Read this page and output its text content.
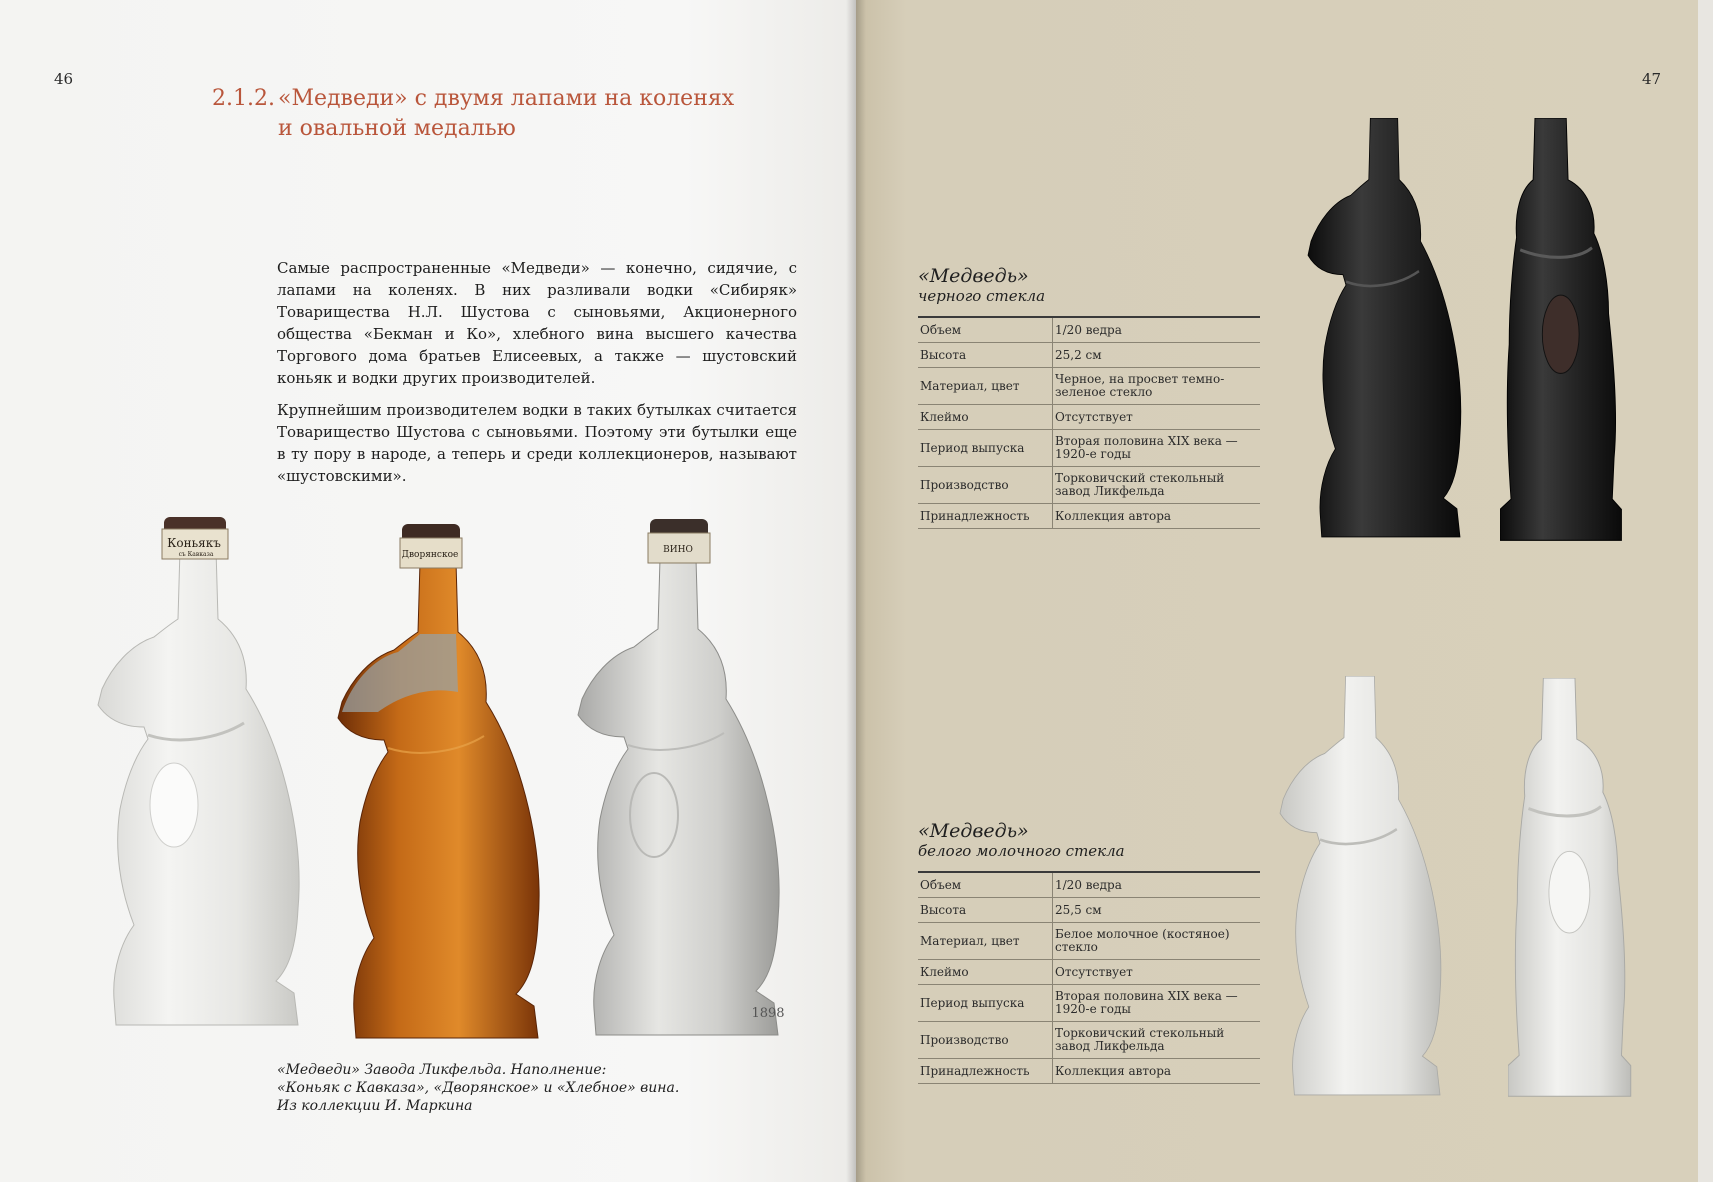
46
2.1.2. «Медведи» с двумя лапами на коленях
и овальной медалью

Самые распространенные «Медведи» — конечно, сидячие, с лапами на коленях. В них разливали водки «Сибиряк» Товарищества Н.Л. Шустова с сыновьями, Акционерного общества «Бекман и Ко», хлебного вина высшего качества Торгового дома братьев Елисеевых, а также — шустовский коньяк и водки других производителей.

Крупнейшим производителем водки в таких бутылках считается Товарищество Шустова с сыновьями. Поэтому эти бутылки еще в ту пору в народе, а теперь и среди коллекционеров, называют «шустовскими».

Коньякъ
съ Кавказа	Дворянское	ВИНО
1898
«Медведи» Завода Ликфельда. Наполнение:
«Коньяк с Кавказа», «Дворянское» и «Хлебное» вина.
Из коллекции И. Маркина
47
«Медведь»
черного стекла
Объем	1/20 ведра
Высота	25,2 см
Материал, цвет	Черное, на просвет темно-зеленое стекло
Клеймо	Отсутствует
Период выпуска	Вторая половина XIX века — 1920-е годы
Производство	Торковичский стекольный завод Ликфельда
Принадлежность	Коллекция автора
«Медведь»
белого молочного стекла
Объем	1/20 ведра
Высота	25,5 см
Материал, цвет	Белое молочное (костяное) стекло
Клеймо	Отсутствует
Период выпуска	Вторая половина XIX века — 1920-е годы
Производство	Торковичский стекольный завод Ликфельда
Принадлежность	Коллекция автора
